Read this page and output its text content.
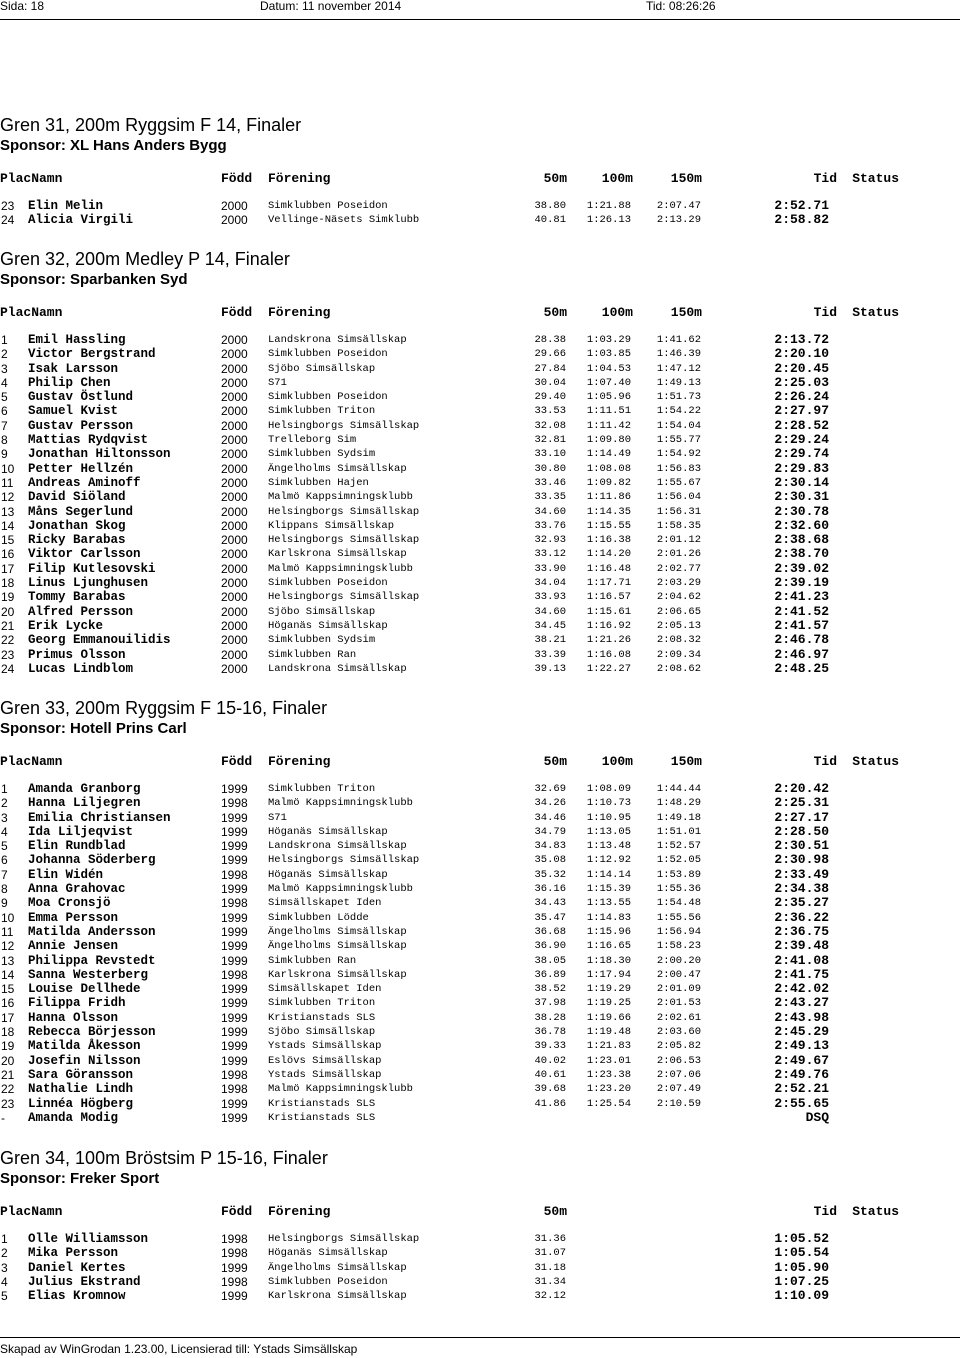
Sida: 18	Datum: 11 november 2014	Tid: 08:26:26
Gren 31, 200m Ryggsim F 14, Finaler
Sponsor: XL Hans Anders Bygg
PlacNamn	Född Förening	50m	100m	150m	Tid Status
23 Elin Melin	2000 Simklubben Poseidon	38.80 1:21.88 2:07.47	2:52.71
24 Alicia Virgili	2000 Vellinge-Näsets Simklubb	40.81 1:26.13 2:13.29	2:58.82
Gren 32, 200m Medley P 14, Finaler
Sponsor: Sparbanken Syd
PlacNamn	Född Förening	50m	100m	150m	Tid Status
1 Emil Hassling	2000 Landskrona Simsällskap	28.38 1:03.29 1:41.62	2:13.72
2 Victor Bergstrand	2000 Simklubben Poseidon	29.66 1:03.85 1:46.39	2:20.10
3 Isak Larsson	2000 Sjöbo Simsällskap	27.84 1:04.53 1:47.12	2:20.45
4 Philip Chen	2000 S71	30.04 1:07.40 1:49.13	2:25.03
5 Gustav Östlund	2000 Simklubben Poseidon	29.40 1:05.96 1:51.73	2:26.24
6 Samuel Kvist	2000 Simklubben Triton	33.53 1:11.51 1:54.22	2:27.97
7 Gustav Persson	2000 Helsingborgs Simsällskap	32.08 1:11.42 1:54.04	2:28.52
8 Mattias Rydqvist	2000 Trelleborg Sim	32.81 1:09.80 1:55.77	2:29.24
9 Jonathan Hiltonsson	2000 Simklubben Sydsim	33.10 1:14.49 1:54.92	2:29.74
10 Petter Hellzén	2000 Ängelholms Simsällskap	30.80 1:08.08 1:56.83	2:29.83
11 Andreas Aminoff	2000 Simklubben Hajen	33.46 1:09.82 1:55.67	2:30.14
12 David Siöland	2000 Malmö Kappsimningsklubb	33.35 1:11.86 1:56.04	2:30.31
13 Måns Segerlund	2000 Helsingborgs Simsällskap	34.60 1:14.35 1:56.31	2:30.78
14 Jonathan Skog	2000 Klippans Simsällskap	33.76 1:15.55 1:58.35	2:32.60
15 Ricky Barabas	2000 Helsingborgs Simsällskap	32.93 1:16.38 2:01.12	2:38.68
16 Viktor Carlsson	2000 Karlskrona Simsällskap	33.12 1:14.20 2:01.26	2:38.70
17 Filip Kutlesovski	2000 Malmö Kappsimningsklubb	33.90 1:16.48 2:02.77	2:39.02
18 Linus Ljunghusen	2000 Simklubben Poseidon	34.04 1:17.71 2:03.29	2:39.19
19 Tommy Barabas	2000 Helsingborgs Simsällskap	33.93 1:16.57 2:04.62	2:41.23
20 Alfred Persson	2000 Sjöbo Simsällskap	34.60 1:15.61 2:06.65	2:41.52
21 Erik Lycke	2000 Höganäs Simsällskap	34.45 1:16.92 2:05.13	2:41.57
22 Georg Emmanouilidis	2000 Simklubben Sydsim	38.21 1:21.26 2:08.32	2:46.78
23 Primus Olsson	2000 Simklubben Ran	33.39 1:16.08 2:09.34	2:46.97
24 Lucas Lindblom	2000 Landskrona Simsällskap	39.13 1:22.27 2:08.62	2:48.25
Gren 33, 200m Ryggsim F 15-16, Finaler
Sponsor: Hotell Prins Carl
PlacNamn	Född Förening	50m	100m	150m	Tid Status
1 Amanda Granborg	1999 Simklubben Triton	32.69 1:08.09 1:44.44	2:20.42
2 Hanna Liljegren	1998 Malmö Kappsimningsklubb	34.26 1:10.73 1:48.29	2:25.31
3 Emilia Christiansen	1999 S71	34.46 1:10.95 1:49.18	2:27.17
4 Ida Liljeqvist	1999 Höganäs Simsällskap	34.79 1:13.05 1:51.01	2:28.50
5 Elin Rundblad	1999 Landskrona Simsällskap	34.83 1:13.48 1:52.57	2:30.51
6 Johanna Söderberg	1999 Helsingborgs Simsällskap	35.08 1:12.92 1:52.05	2:30.98
7 Elin Widén	1998 Höganäs Simsällskap	35.32 1:14.14 1:53.89	2:33.49
8 Anna Grahovac	1999 Malmö Kappsimningsklubb	36.16 1:15.39 1:55.36	2:34.38
9 Moa Cronsjö	1998 Simsällskapet Iden	34.43 1:13.55 1:54.48	2:35.27
10 Emma Persson	1999 Simklubben Lödde	35.47 1:14.83 1:55.56	2:36.22
11 Matilda Andersson	1999 Ängelholms Simsällskap	36.68 1:15.96 1:56.94	2:36.75
12 Annie Jensen	1999 Ängelholms Simsällskap	36.90 1:16.65 1:58.23	2:39.48
13 Philippa Revstedt	1999 Simklubben Ran	38.05 1:18.30 2:00.20	2:41.08
14 Sanna Westerberg	1998 Karlskrona Simsällskap	36.89 1:17.94 2:00.47	2:41.75
15 Louise Dellhede	1999 Simsällskapet Iden	38.52 1:19.29 2:01.09	2:42.02
16 Filippa Fridh	1999 Simklubben Triton	37.98 1:19.25 2:01.53	2:43.27
17 Hanna Olsson	1999 Kristianstads SLS	38.28 1:19.66 2:02.61	2:43.98
18 Rebecca Börjesson	1999 Sjöbo Simsällskap	36.78 1:19.48 2:03.60	2:45.29
19 Matilda Åkesson	1999 Ystads Simsällskap	39.33 1:21.83 2:05.82	2:49.13
20 Josefin Nilsson	1999 Eslövs Simsällskap	40.02 1:23.01 2:06.53	2:49.67
21 Sara Göransson	1998 Ystads Simsällskap	40.61 1:23.38 2:07.06	2:49.76
22 Nathalie Lindh	1998 Malmö Kappsimningsklubb	39.68 1:23.20 2:07.49	2:52.21
23 Linnéa Högberg	1999 Kristianstads SLS	41.86 1:25.54 2:10.59	2:55.65
- Amanda Modig	1999 Kristianstads SLS	DSQ
Gren 34, 100m Bröstsim P 15-16, Finaler
Sponsor: Freker Sport
PlacNamn	Född Förening	50m	Tid Status
1 Olle Williamsson	1998 Helsingborgs Simsällskap	31.36	1:05.52
2 Mika Persson	1998 Höganäs Simsällskap	31.07	1:05.54
3 Daniel Kertes	1999 Ängelholms Simsällskap	31.18	1:05.90
4 Julius Ekstrand	1998 Simklubben Poseidon	31.34	1:07.25
5 Elias Kromnow	1999 Karlskrona Simsällskap	32.12	1:10.09
Skapad av WinGrodan 1.23.00, Licensierad till: Ystads Simsällskap
